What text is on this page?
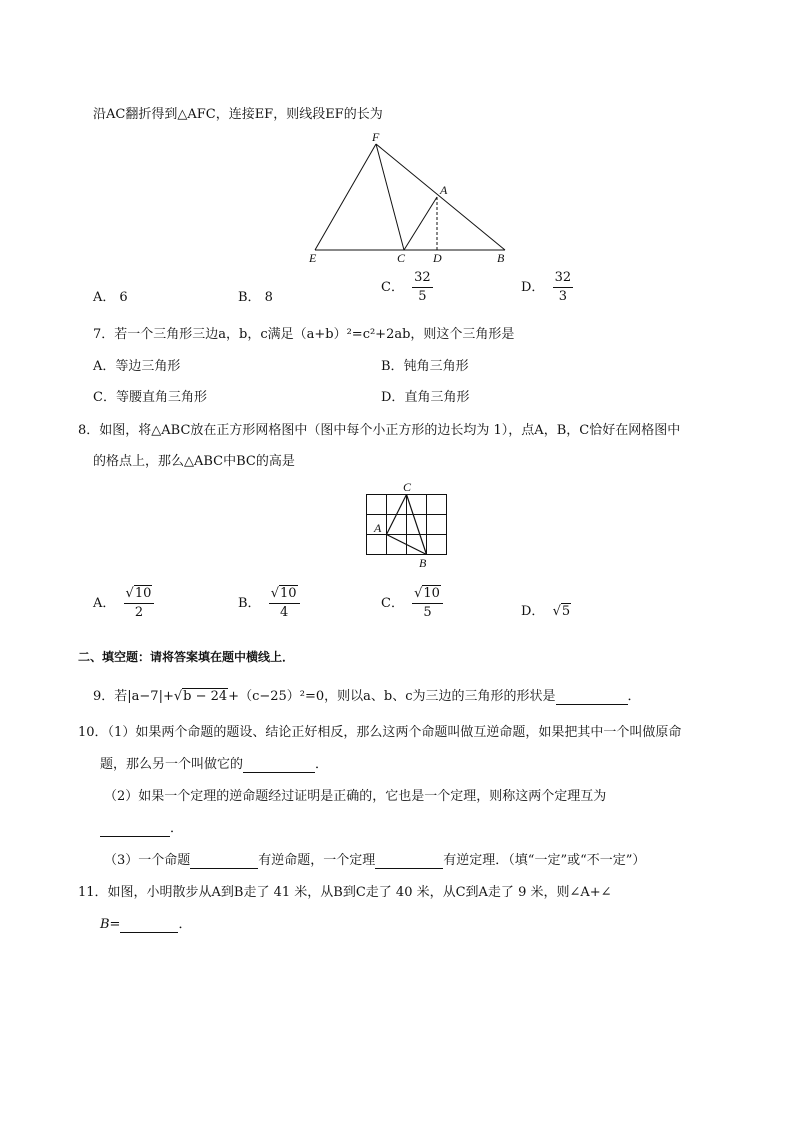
沿AC翻折得到△AFC，连接EF，则线段EF的长为
F
A
E	C D	B
A． 6	B． 8
C． $\frac{32}{5}$	D． $\frac{32}{3}$
7．若一个三角形三边a，b，c满足（a+b）²=c²+2ab，则这个三角形是
A．等边三角形	B．钝角三角形
C．等腰直角三角形	D．直角三角形
8．如图，将△ABC放在正方形网格图中（图中每个小正方形的边长均为 1），点A，B，C恰好在网格图中
的格点上，那么△ABC中BC的高是
C
A
B
A． $\frac{√10}{2}$	B． $\frac{√10}{4}$	C． $\frac{√10}{5}$	D． √5
二、填空题：请将答案填在题中横线上．
9．若|a−7|+√b − 24+（c−25）²=0，则以a、b、c为三边的三角形的形状是	．
10．（1）如果两个命题的题设、结论正好相反，那么这两个命题叫做互逆命题，如果把其中一个叫做原命
题，那么另一个叫做它的	．
（2）如果一个定理的逆命题经过证明是正确的，它也是一个定理，则称这两个定理互为
．
（3）一个命题	有逆命题，一个定理	有逆定理．（填“一定”或“不一定”）
11．如图，小明散步从A到B走了 41 米，从B到C走了 40 米，从C到A走了 9 米，则∠A+∠
B=	．
